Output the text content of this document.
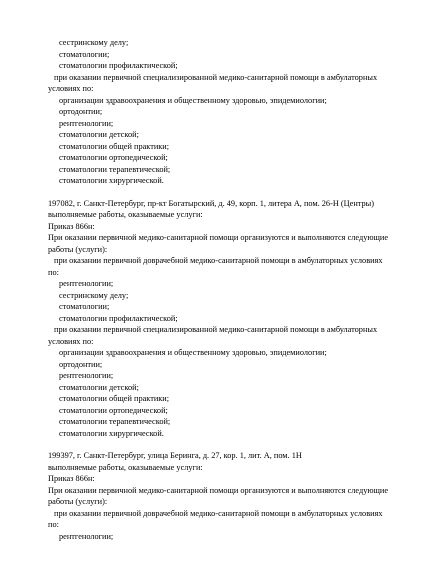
сестринскому делу;
стоматологии;
стоматологии профилактической;
при оказании первичной специализированной медико-санитарной помощи в амбулаторных
условиях по:
организации здравоохранения и общественному здоровью, эпидемиологии;
ортодонтии;
рентгенологии;
стоматологии детской;
стоматологии общей практики;
стоматологии ортопедической;
стоматологии терапевтической;
стоматологии хирургической.
197082, г. Санкт-Петербург, пр-кт Богатырский, д. 49, корп. 1, литера А, пом. 26-Н (Центры)
выполняемые работы, оказываемые услуги:
Приказ 866н:
При оказании первичной медико-санитарной помощи организуются и выполняются следующие
работы (услуги):
при оказании первичной доврачебной медико-санитарной помощи в амбулаторных условиях
по:
рентгенологии;
сестринскому делу;
стоматологии;
стоматологии профилактической;
при оказании первичной специализированной медико-санитарной помощи в амбулаторных
условиях по:
организации здравоохранения и общественному здоровью, эпидемиологии;
ортодонтии;
рентгенологии;
стоматологии детской;
стоматологии общей практики;
стоматологии ортопедической;
стоматологии терапевтической;
стоматологии хирургической.
199397, г. Санкт-Петербург, улица Беринга, д. 27, кор. 1, лит. А, пом. 1Н
выполняемые работы, оказываемые услуги:
Приказ 866н:
При оказании первичной медико-санитарной помощи организуются и выполняются следующие
работы (услуги):
при оказании первичной доврачебной медико-санитарной помощи в амбулаторных условиях
по:
рентгенологии;
